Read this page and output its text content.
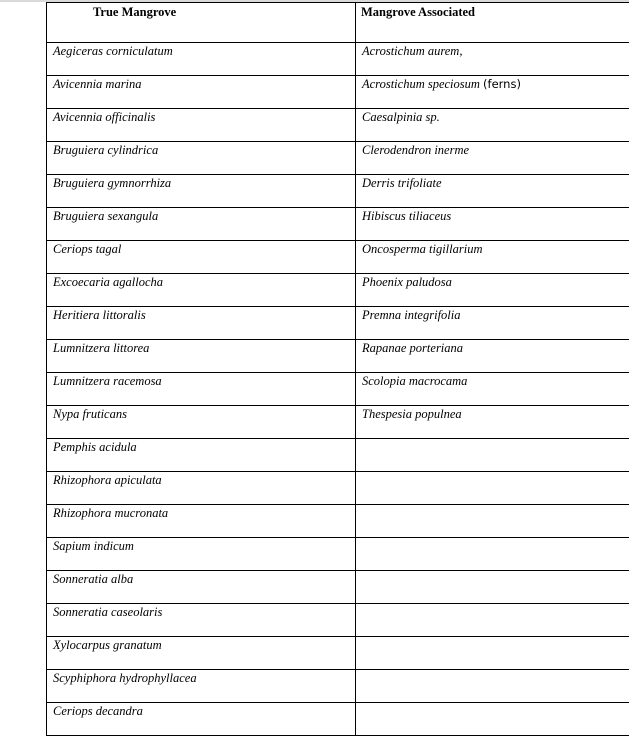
True Mangrove	Mangrove Associated
Aegiceras corniculatum	Acrostichum aurem,
Avicennia marina	Acrostichum speciosum (ferns)
Avicennia officinalis	Caesalpinia sp.
Bruguiera cylindrica	Clerodendron inerme
Bruguiera gymnorrhiza	Derris trifoliate
Bruguiera sexangula	Hibiscus tiliaceus
Ceriops tagal	Oncosperma tigillarium
Excoecaria agallocha	Phoenix paludosa
Heritiera littoralis	Premna integrifolia
Lumnitzera littorea	Rapanae porteriana
Lumnitzera racemosa	Scolopia macrocama
Nypa fruticans	Thespesia populnea
Pemphis acidula	
Rhizophora apiculata	
Rhizophora mucronata	
Sapium indicum	
Sonneratia alba	
Sonneratia caseolaris	
Xylocarpus granatum	
Scyphiphora hydrophyllacea	
Ceriops decandra	
